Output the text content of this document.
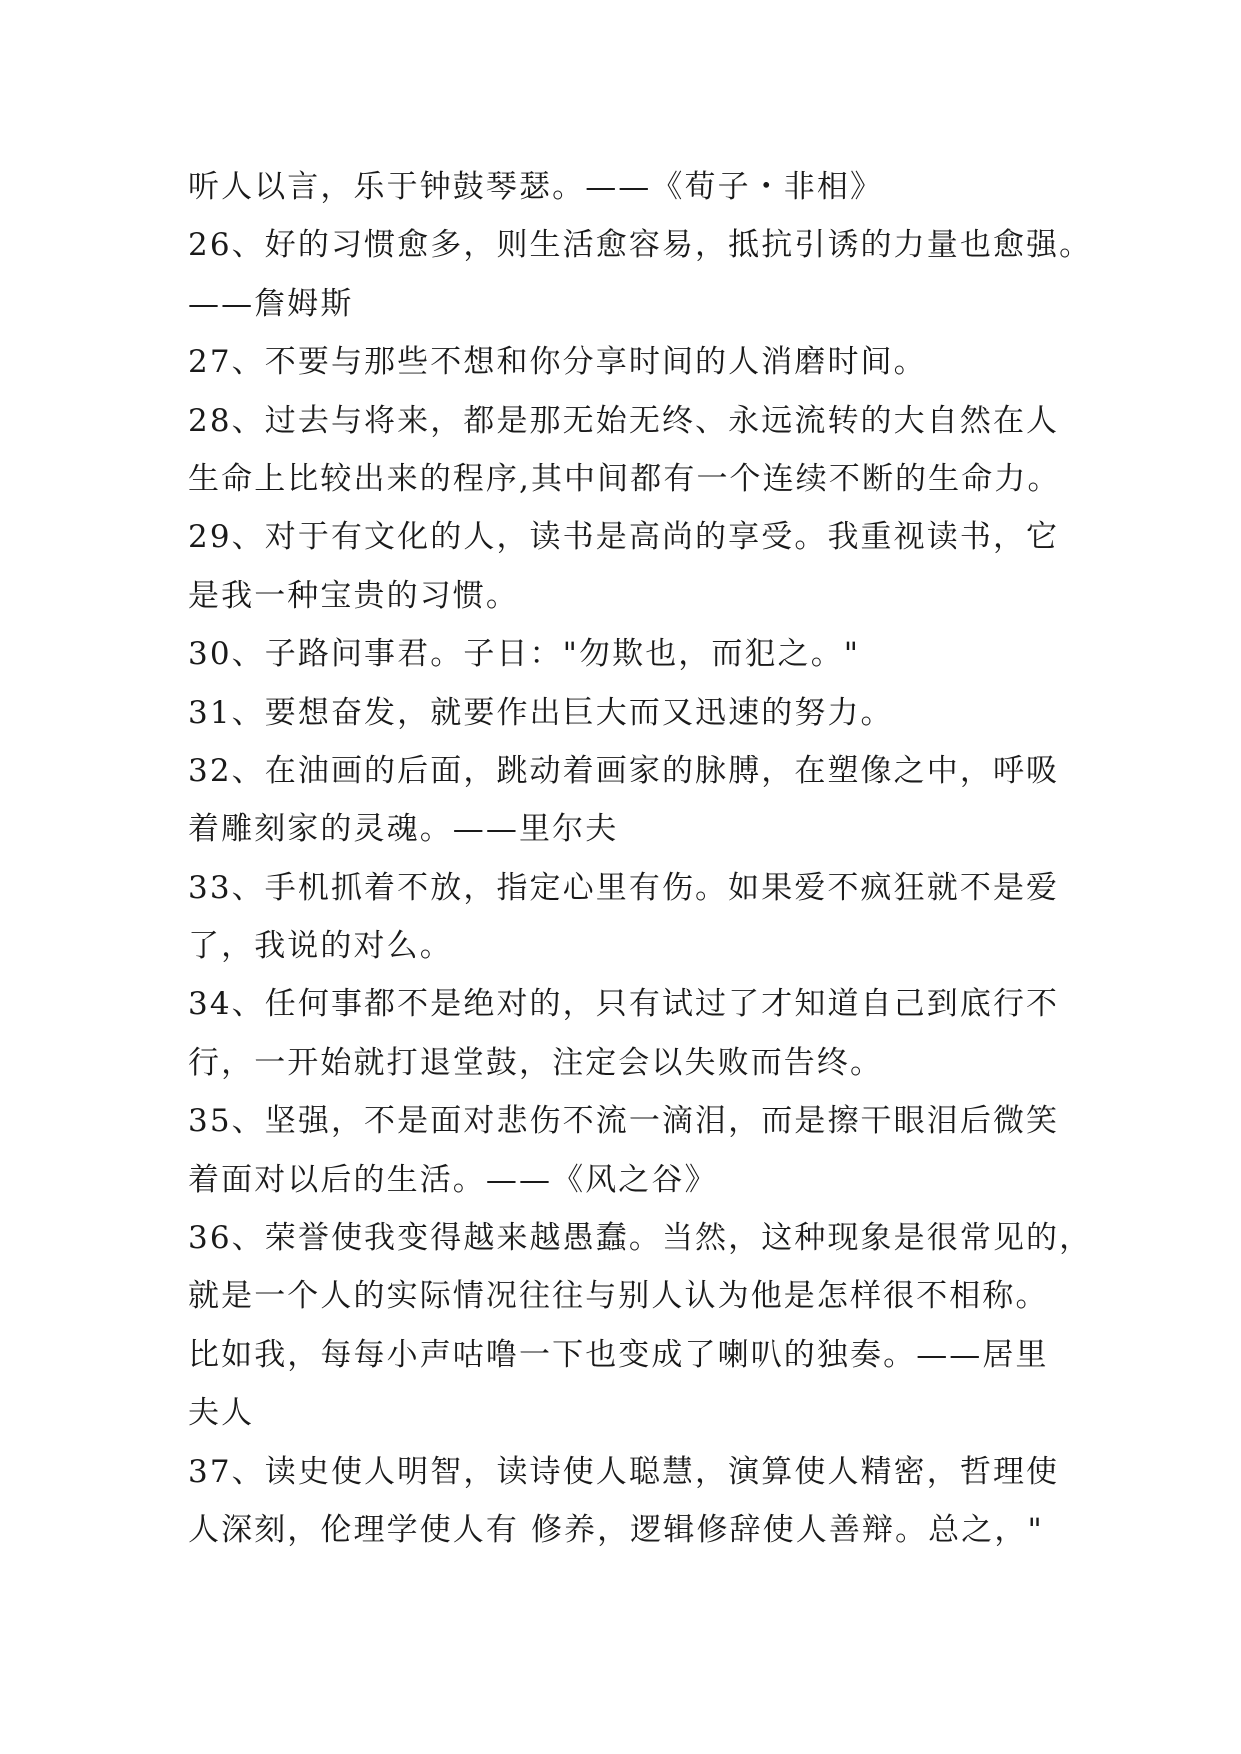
听人以言，乐于钟鼓琴瑟。——《荀子・非相》
26、好的习惯愈多，则生活愈容易，抵抗引诱的力量也愈强。
——詹姆斯
27、不要与那些不想和你分享时间的人消磨时间。
28、过去与将来，都是那无始无终、永远流转的大自然在人
生命上比较出来的程序,其中间都有一个连续不断的生命力。
29、对于有文化的人，读书是高尚的享受。我重视读书，它
是我一种宝贵的习惯。
30、子路问事君。子日："勿欺也，而犯之。"
31、要想奋发，就要作出巨大而又迅速的努力。
32、在油画的后面，跳动着画家的脉膊，在塑像之中，呼吸
着雕刻家的灵魂。——里尔夫
33、手机抓着不放，指定心里有伤。如果爱不疯狂就不是爱
了，我说的对么。
34、任何事都不是绝对的，只有试过了才知道自己到底行不
行，一开始就打退堂鼓，注定会以失败而告终。
35、坚强，不是面对悲伤不流一滴泪，而是擦干眼泪后微笑
着面对以后的生活。——《风之谷》
36、荣誉使我变得越来越愚蠢。当然，这种现象是很常见的，
就是一个人的实际情况往往与别人认为他是怎样很不相称。
比如我，每每小声咕噜一下也变成了喇叭的独奏。——居里
夫人
37、读史使人明智，读诗使人聪慧，演算使人精密，哲理使
人深刻，伦理学使人有 修养，逻辑修辞使人善辩。总之，"
